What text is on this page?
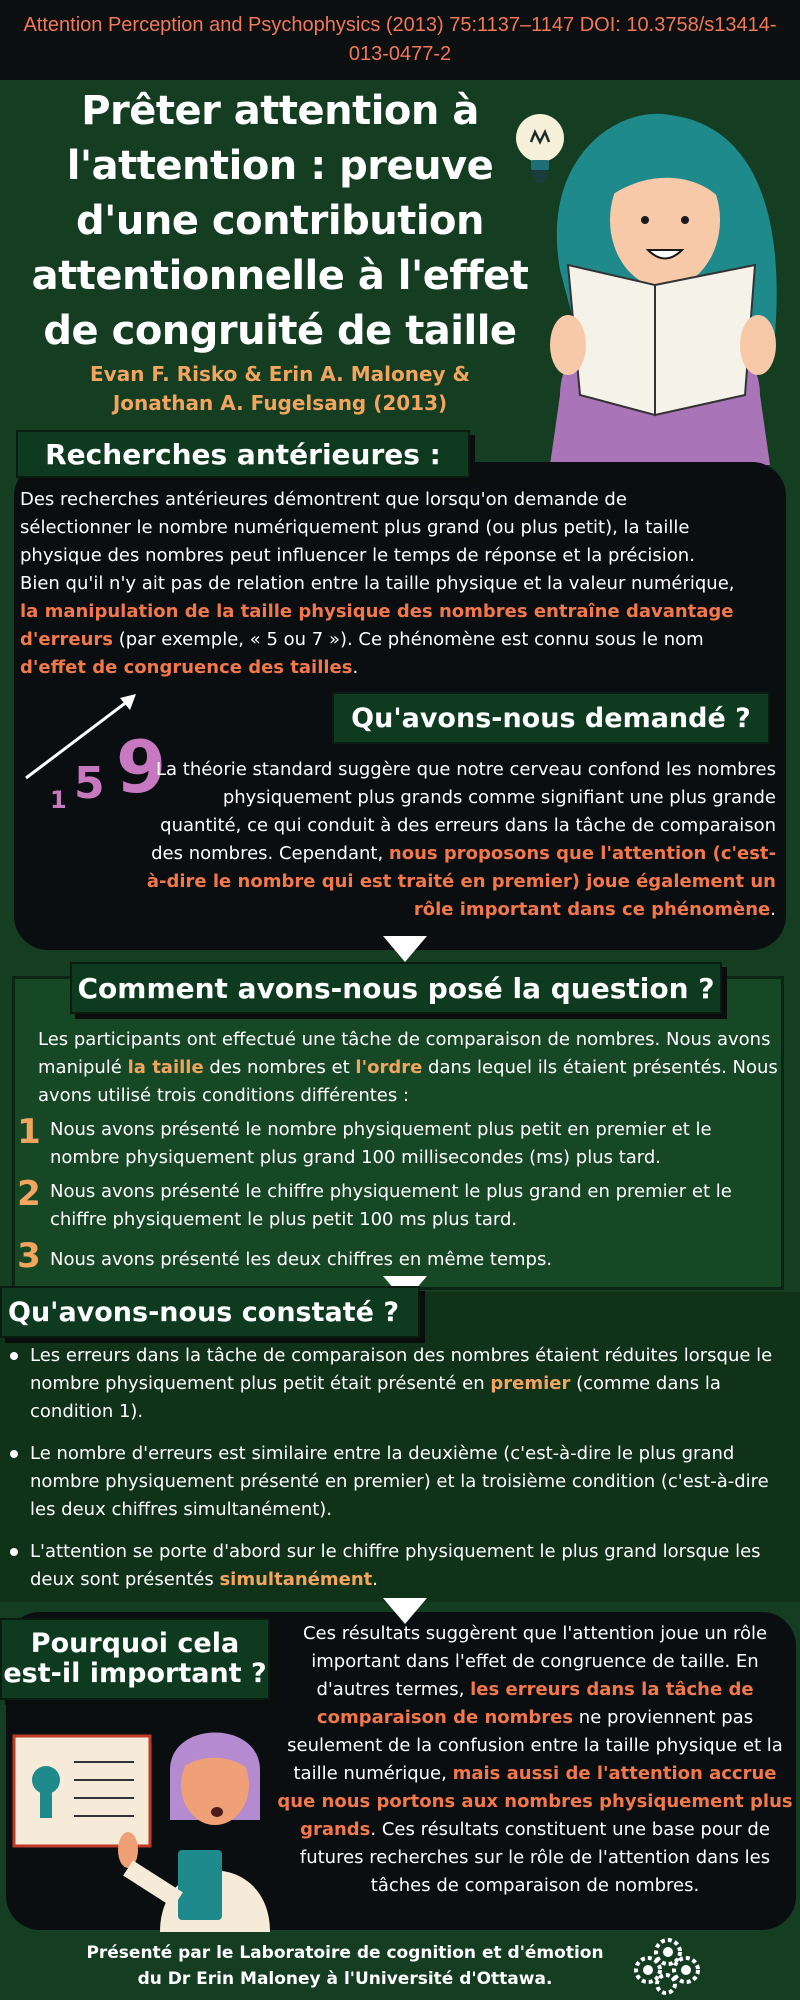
Attention Perception and Psychophysics (2013) 75:1137–1147 DOI: 10.3758/s13414-013-0477-2
Prêter attention à l'attention : preuve d'une contribution attentionnelle à l'effet de congruité de taille
Evan F. Risko & Erin A. Maloney &
Jonathan A. Fugelsang (2013)
Recherches antérieures :
Des recherches antérieures démontrent que lorsqu'on demande de sélectionner le nombre numériquement plus grand (ou plus petit), la taille physique des nombres peut influencer le temps de réponse et la précision. Bien qu'il n'y ait pas de relation entre la taille physique et la valeur numérique, la manipulation de la taille physique des nombres entraîne davantage d'erreurs (par exemple, « 5 ou 7 »). Ce phénomène est connu sous le nom d'effet de congruence des tailles.
1 5 9
Qu'avons-nous demandé ?
La théorie standard suggère que notre cerveau confond les nombres physiquement plus grands comme signifiant une plus grande quantité, ce qui conduit à des erreurs dans la tâche de comparaison des nombres. Cependant, nous proposons que l'attention (c'est-à-dire le nombre qui est traité en premier) joue également un rôle important dans ce phénomène.
Comment avons-nous posé la question ?
Les participants ont effectué une tâche de comparaison de nombres. Nous avons manipulé la taille des nombres et l'ordre dans lequel ils étaient présentés. Nous avons utilisé trois conditions différentes :
1 Nous avons présenté le nombre physiquement plus petit en premier et le nombre physiquement plus grand 100 millisecondes (ms) plus tard.
2 Nous avons présenté le chiffre physiquement le plus grand en premier et le chiffre physiquement le plus petit 100 ms plus tard.
3 Nous avons présenté les deux chiffres en même temps.
Qu'avons-nous constaté ?
Les erreurs dans la tâche de comparaison des nombres étaient réduites lorsque le nombre physiquement plus petit était présenté en premier (comme dans la condition 1).
Le nombre d'erreurs est similaire entre la deuxième (c'est-à-dire le plus grand nombre physiquement présenté en premier) et la troisième condition (c'est-à-dire les deux chiffres simultanément).
L'attention se porte d'abord sur le chiffre physiquement le plus grand lorsque les deux sont présentés simultanément.
Pourquoi cela
est-il important ?
Ces résultats suggèrent que l'attention joue un rôle important dans l'effet de congruence de taille. En d'autres termes, les erreurs dans la tâche de comparaison de nombres ne proviennent pas seulement de la confusion entre la taille physique et la taille numérique, mais aussi de l'attention accrue que nous portons aux nombres physiquement plus grands. Ces résultats constituent une base pour de futures recherches sur le rôle de l'attention dans les tâches de comparaison de nombres.
Présenté par le Laboratoire de cognition et d'émotion
du Dr Erin Maloney à l'Université d'Ottawa.
